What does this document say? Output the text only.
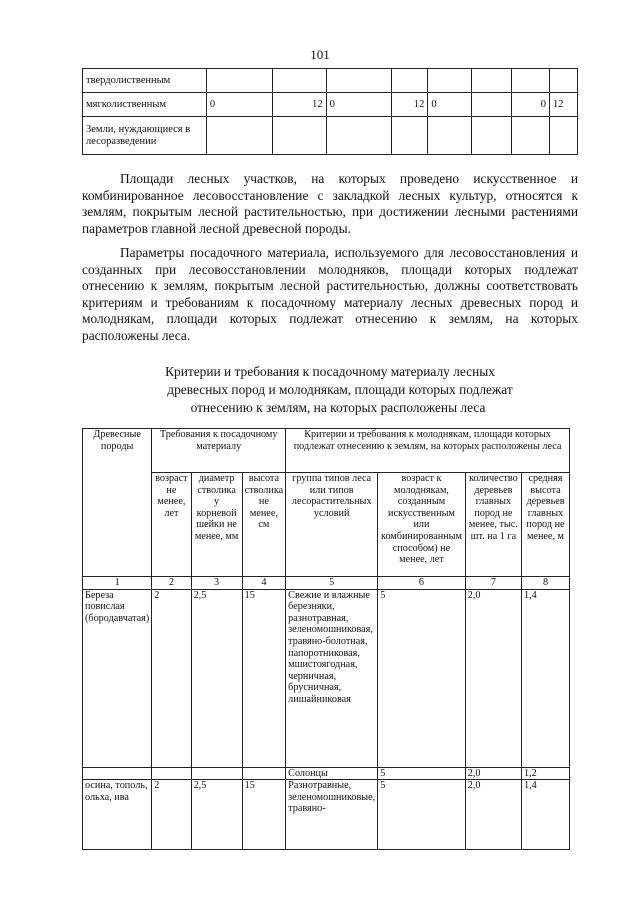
101
твердолиственным								
мягколиственным	0	12	0	12	0		0	12
Земли, нуждающиеся в лесоразведении								

Площади лесных участков, на которых проведено искусственное и комбинированное лесовосстановление с закладкой лесных культур, относятся к землям, покрытым лесной растительностью, при достижении лесными растениями параметров главной лесной древесной породы.

Параметры посадочного материала, используемого для лесовосстановления и созданных при лесовосстановлении молодняков, площади которых подлежат отнесению к землям, покрытым лесной растительностью, должны соответствовать критериям и требованиям к посадочному материалу лесных древесных пород и молоднякам, площади которых подлежат отнесению к землям, на которых расположены леса.

Критерии и требования к посадочному материалу лесных
древесных пород и молоднякам, площади которых подлежат
отнесению к землям, на которых расположены леса
Древесные породы	Требования к посадочному материалу			Критерии и требования к молоднякам, площади которых подлежат отнесению к землям, на которых расположены леса			
	возраст не менее, лет	диаметр стволика у корневой шейки не менее, мм	высота стволика не менее, см	группа типов леса или типов лесорастительных условий	возраст к молоднякам, созданным искусственным или комбинированным способом) не менее, лет	количество деревьев главных пород не менее, тыс. шт. на 1 га	средняя высота деревьев главных пород не менее, м
1	2	3	4	5	6	7	8
Береза повислая (бородавчатая)	2	2,5	15	Свежие и влажные березняки, разнотравная, зеленомошниковая, травяно-болотная, папоротниковая, мшистоягодная, черничная, брусничная, лишайниковая	5	2,0	1,4
				Солонцы	5	2,0	1,2
осина, тополь, ольха, ива	2	2,5	15	Разнотравные, зеленомошниковые, травяно-	5	2,0	1,4
